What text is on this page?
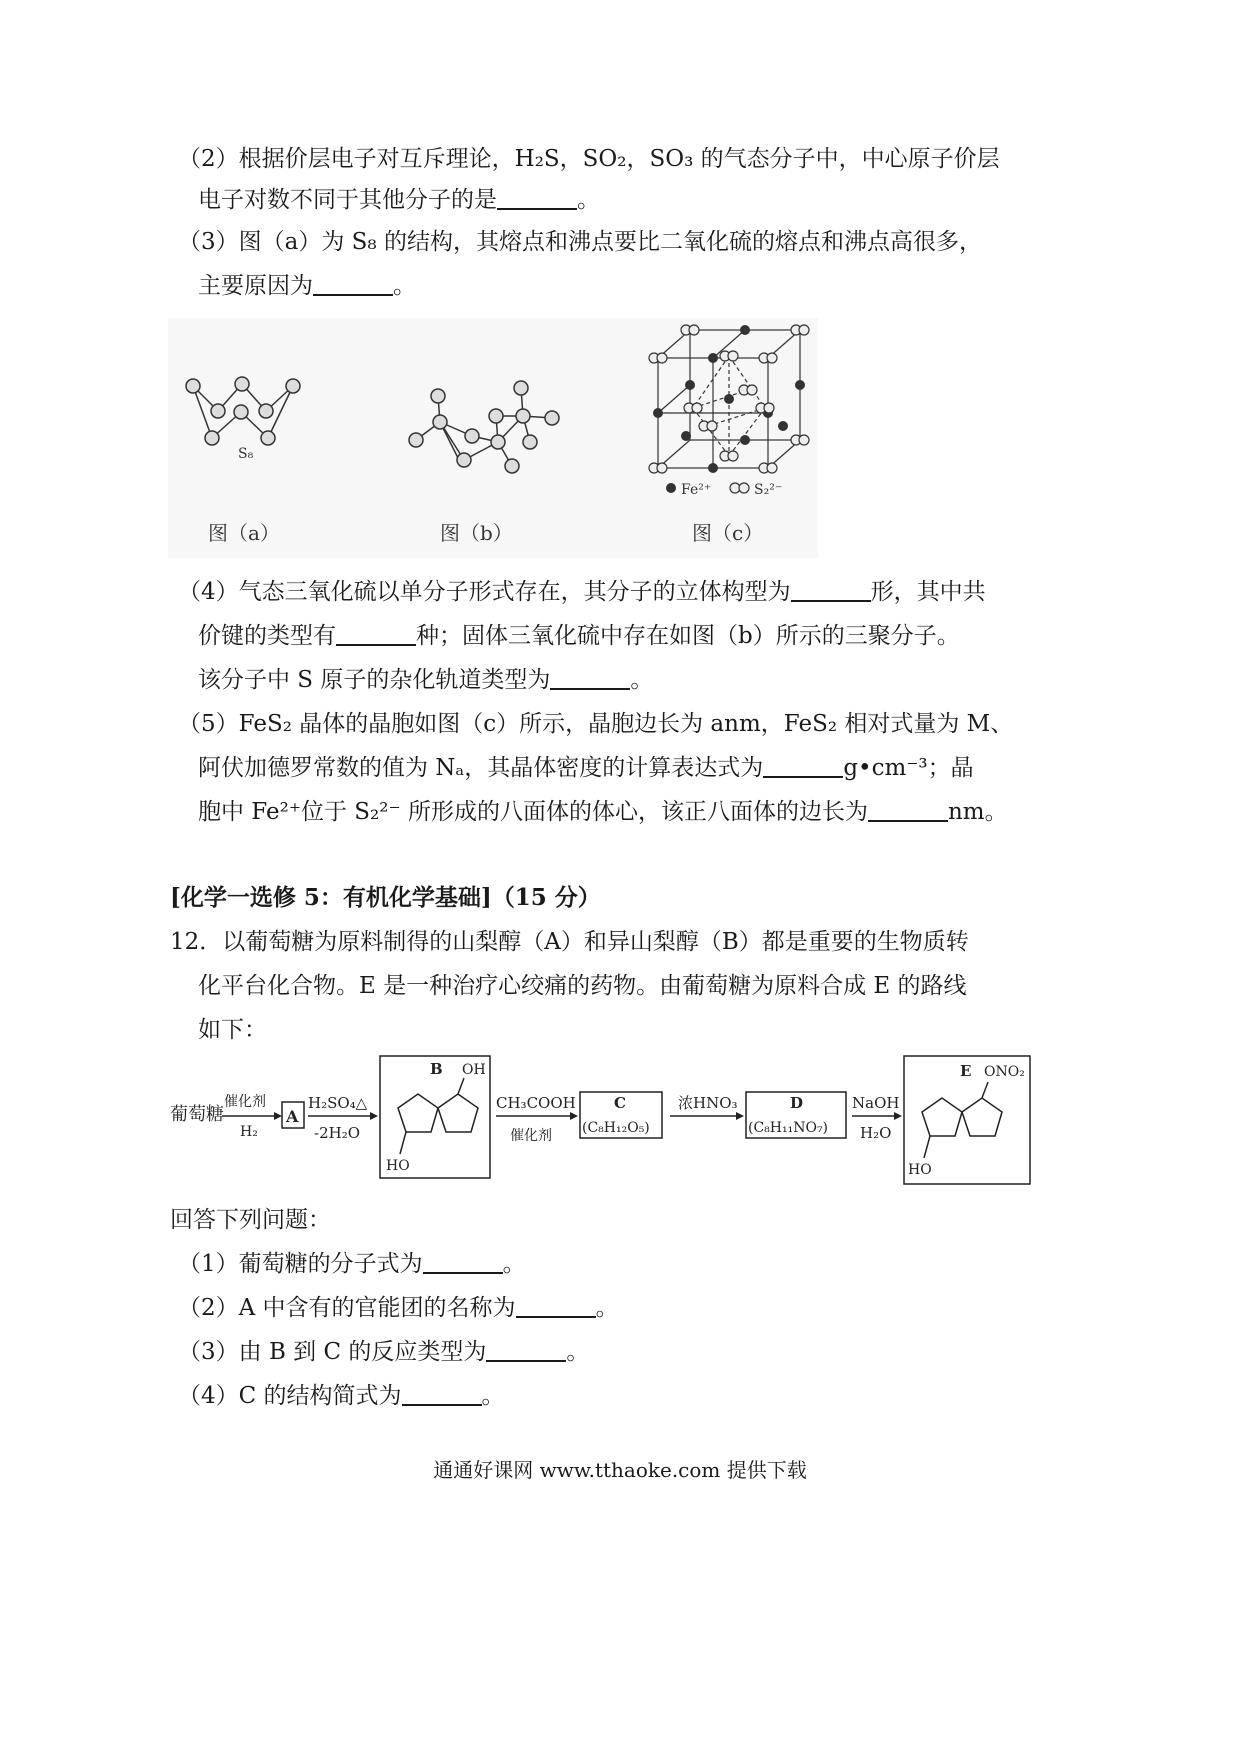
（2）根据价层电子对互斥理论，H₂S，SO₂，SO₃ 的气态分子中，中心原子价层
电子对数不同于其他分子的是	。
（3）图（a）为 S₈ 的结构，其熔点和沸点要比二氧化硫的熔点和沸点高很多，
主要原因为	。
S₈
图（a）	图（b）
Fe²⁺	S₂²⁻
图（c）
（4）气态三氧化硫以单分子形式存在，其分子的立体构型为	形，其中共
价键的类型有	种；固体三氧化硫中存在如图（b）所示的三聚分子。
该分子中 S 原子的杂化轨道类型为	。
（5）FeS₂ 晶体的晶胞如图（c）所示，晶胞边长为 anm，FeS₂ 相对式量为 M、
阿伏加德罗常数的值为 Nₐ，其晶体密度的计算表达式为	g•cm⁻³；晶
胞中 Fe²⁺位于 S₂²⁻ 所形成的八面体的体心，该正八面体的边长为	nm。
[化学一选修 5：有机化学基础]（15 分）
12．以葡萄糖为原料制得的山梨醇（A）和异山梨醇（B）都是重要的生物质转
化平台化合物。E 是一种治疗心绞痛的药物。由葡萄糖为原料合成 E 的路线
如下：
葡萄糖
催化剂
H₂
A
H₂SO₄△
-2H₂O
B OH
HO
CH₃COOH
催化剂
C
(C₈H₁₂O₅)
浓HNO₃	D
(C₈H₁₁NO₇)
NaOH
H₂O
E ONO₂
HO
回答下列问题：
（1）葡萄糖的分子式为	。
（2）A 中含有的官能团的名称为	。
（3）由 B 到 C 的反应类型为	。
（4）C 的结构简式为	。
通通好课网 www.tthaoke.com 提供下载
